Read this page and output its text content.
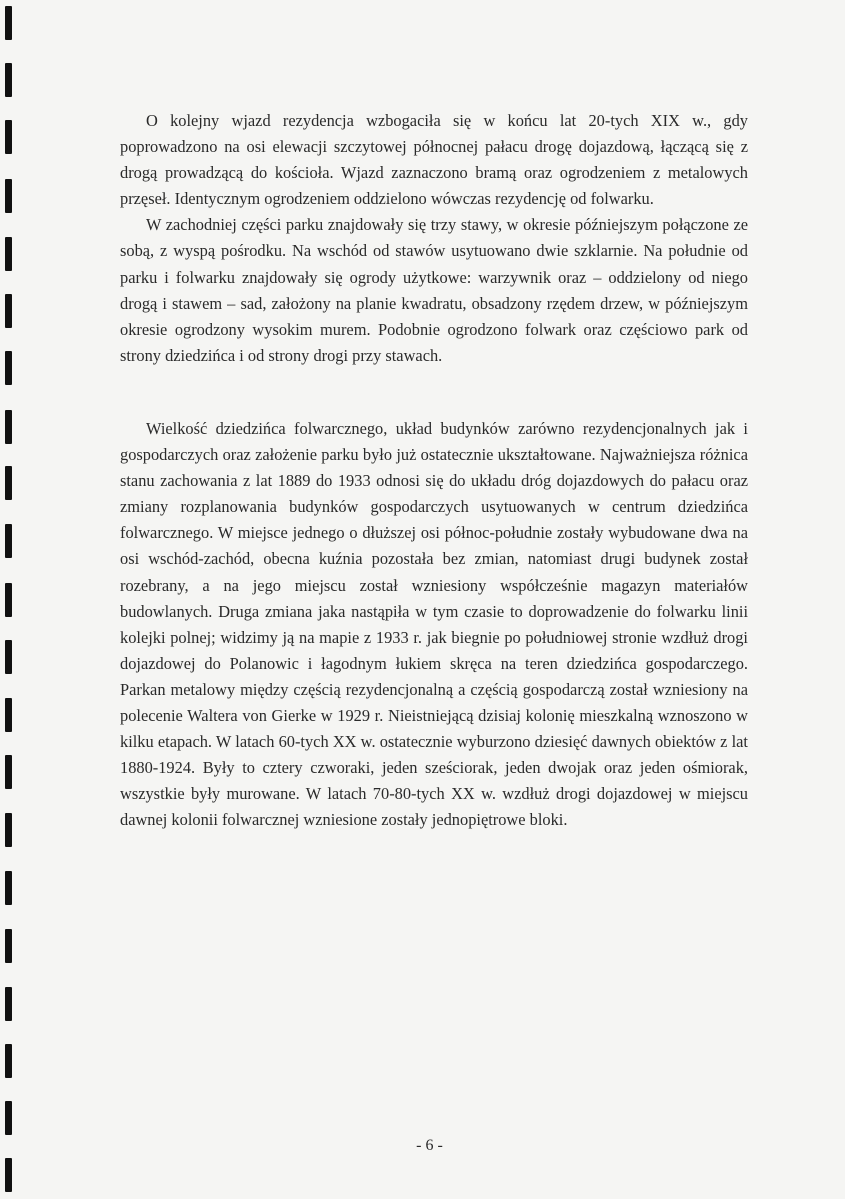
O kolejny wjazd rezydencja wzbogaciła się w końcu lat 20-tych XIX w., gdy poprowadzono na osi elewacji szczytowej północnej pałacu drogę dojazdową, łączącą się z drogą prowadzącą do kościoła. Wjazd zaznaczono bramą oraz ogrodzeniem z metalowych przęseł. Identycznym ogrodzeniem oddzielono wówczas rezydencję od folwarku.

W zachodniej części parku znajdowały się trzy stawy, w okresie późniejszym połączone ze sobą, z wyspą pośrodku. Na wschód od stawów usytuowano dwie szklarnie. Na południe od parku i folwarku znajdowały się ogrody użytkowe: warzywnik oraz – oddzielony od niego drogą i stawem – sad, założony na planie kwadratu, obsadzony rzędem drzew, w późniejszym okresie ogrodzony wysokim murem. Podobnie ogrodzono folwark oraz częściowo park od strony dziedzińca i od strony drogi przy stawach.

Wielkość dziedzińca folwarcznego, układ budynków zarówno rezydencjonalnych jak i gospodarczych oraz założenie parku było już ostatecznie ukształtowane. Najważniejsza różnica stanu zachowania z lat 1889 do 1933 odnosi się do układu dróg dojazdowych do pałacu oraz zmiany rozplanowania budynków gospodarczych usytuowanych w centrum dziedzińca folwarcznego. W miejsce jednego o dłuższej osi północ-południe zostały wybudowane dwa na osi wschód-zachód, obecna kuźnia pozostała bez zmian, natomiast drugi budynek został rozebrany, a na jego miejscu został wzniesiony współcześnie magazyn materiałów budowlanych. Druga zmiana jaka nastąpiła w tym czasie to doprowadzenie do folwarku linii kolejki polnej; widzimy ją na mapie z 1933 r. jak biegnie po południowej stronie wzdłuż drogi dojazdowej do Polanowic i łagodnym łukiem skręca na teren dziedzińca gospodarczego. Parkan metalowy między częścią rezydencjonalną a częścią gospodarczą został wzniesiony na polecenie Waltera von Gierke w 1929 r. Nieistniejącą dzisiaj kolonię mieszkalną wznoszono w kilku etapach. W latach 60-tych XX w. ostatecznie wyburzono dziesięć dawnych obiektów z lat 1880-1924. Były to cztery czworaki, jeden sześciorak, jeden dwojak oraz jeden ośmiorak, wszystkie były murowane. W latach 70-80-tych XX w. wzdłuż drogi dojazdowej w miejscu dawnej kolonii folwarcznej wzniesione zostały jednopiętrowe bloki.

- 6 -
